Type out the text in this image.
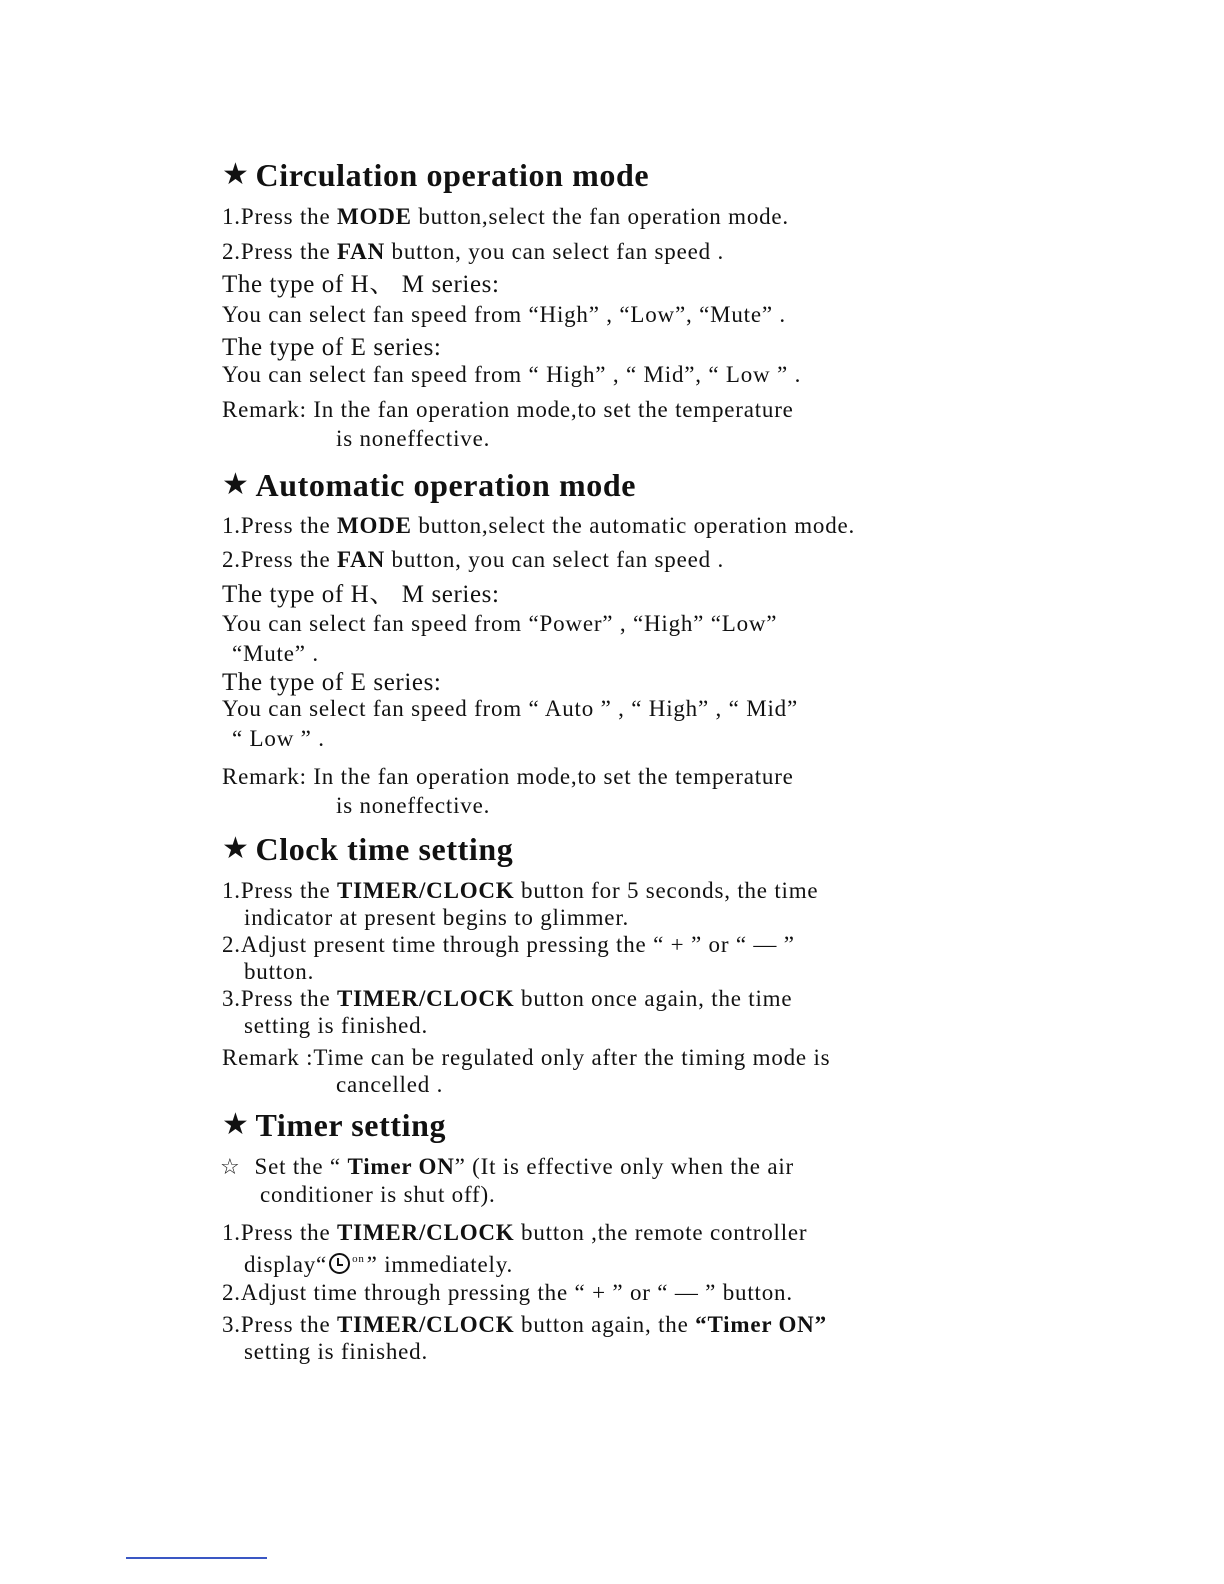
★ Circulation operation mode
1.Press the MODE button,select the fan operation mode.
2.Press the FAN button, you can select fan speed .
The type of H、 M series:
You can select fan speed from “High” , “Low”, “Mute” .
The type of E series:
You can select fan speed from “ High” , “ Mid”, “ Low ” .
Remark: In the fan operation mode,to set the temperature
is noneffective.
★ Automatic operation mode
1.Press the MODE button,select the automatic operation mode.
2.Press the FAN button, you can select fan speed .
The type of H、 M series:
You can select fan speed from “Power” , “High” “Low”
“Mute” .
The type of E series:
You can select fan speed from “ Auto ” , “ High” , “ Mid”
“ Low ” .
Remark: In the fan operation mode,to set the temperature
is noneffective.
★ Clock time setting
1.Press the TIMER/CLOCK button for 5 seconds, the time
indicator at present begins to glimmer.
2.Adjust present time through pressing the “ + ” or “ — ”
button.
3.Press the TIMER/CLOCK button once again, the time
setting is finished.
Remark :Time can be regulated only after the timing mode is
cancelled .
★ Timer setting
☆ Set the “ Timer ON” (It is effective only when the air
conditioner is shut off).
1.Press the TIMER/CLOCK button ,the remote controller
display“ $^{on}$” immediately.
2.Adjust time through pressing the “ + ” or “ — ” button.
3.Press the TIMER/CLOCK button again, the “Timer ON”
setting is finished.
